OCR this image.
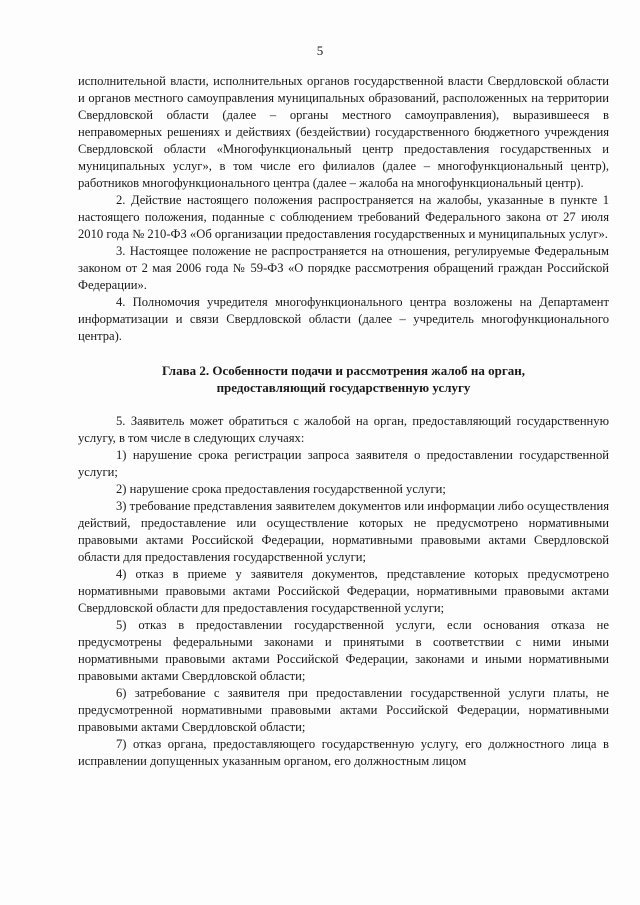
5

исполнительной власти, исполнительных органов государственной власти Свердловской области и органов местного самоуправления муниципальных образований, расположенных на территории Свердловской области (далее – органы местного самоуправления), выразившееся в неправомерных решениях и действиях (бездействии) государственного бюджетного учреждения Свердловской области «Многофункциональный центр предоставления государственных и муниципальных услуг», в том числе его филиалов (далее – многофункциональный центр), работников многофункционального центра (далее – жалоба на многофункциональный центр).

2. Действие настоящего положения распространяется на жалобы, указанные в пункте 1 настоящего положения, поданные с соблюдением требований Федерального закона от 27 июля 2010 года № 210-ФЗ «Об организации предоставления государственных и муниципальных услуг».

3. Настоящее положение не распространяется на отношения, регулируемые Федеральным законом от 2 мая 2006 года № 59-ФЗ «О порядке рассмотрения обращений граждан Российской Федерации».

4. Полномочия учредителя многофункционального центра возложены на Департамент информатизации и связи Свердловской области (далее – учредитель многофункционального центра).

Глава 2. Особенности подачи и рассмотрения жалоб на орган, предоставляющий государственную услугу

5. Заявитель может обратиться с жалобой на орган, предоставляющий государственную услугу, в том числе в следующих случаях:

1) нарушение срока регистрации запроса заявителя о предоставлении государственной услуги;

2) нарушение срока предоставления государственной услуги;

3) требование представления заявителем документов или информации либо осуществления действий, предоставление или осуществление которых не предусмотрено нормативными правовыми актами Российской Федерации, нормативными правовыми актами Свердловской области для предоставления государственной услуги;

4) отказ в приеме у заявителя документов, представление которых предусмотрено нормативными правовыми актами Российской Федерации, нормативными правовыми актами Свердловской области для предоставления государственной услуги;

5) отказ в предоставлении государственной услуги, если основания отказа не предусмотрены федеральными законами и принятыми в соответствии с ними иными нормативными правовыми актами Российской Федерации, законами и иными нормативными правовыми актами Свердловской области;

6) затребование с заявителя при предоставлении государственной услуги платы, не предусмотренной нормативными правовыми актами Российской Федерации, нормативными правовыми актами Свердловской области;

7) отказ органа, предоставляющего государственную услугу, его должностного лица в исправлении допущенных указанным органом, его должностным лицом
